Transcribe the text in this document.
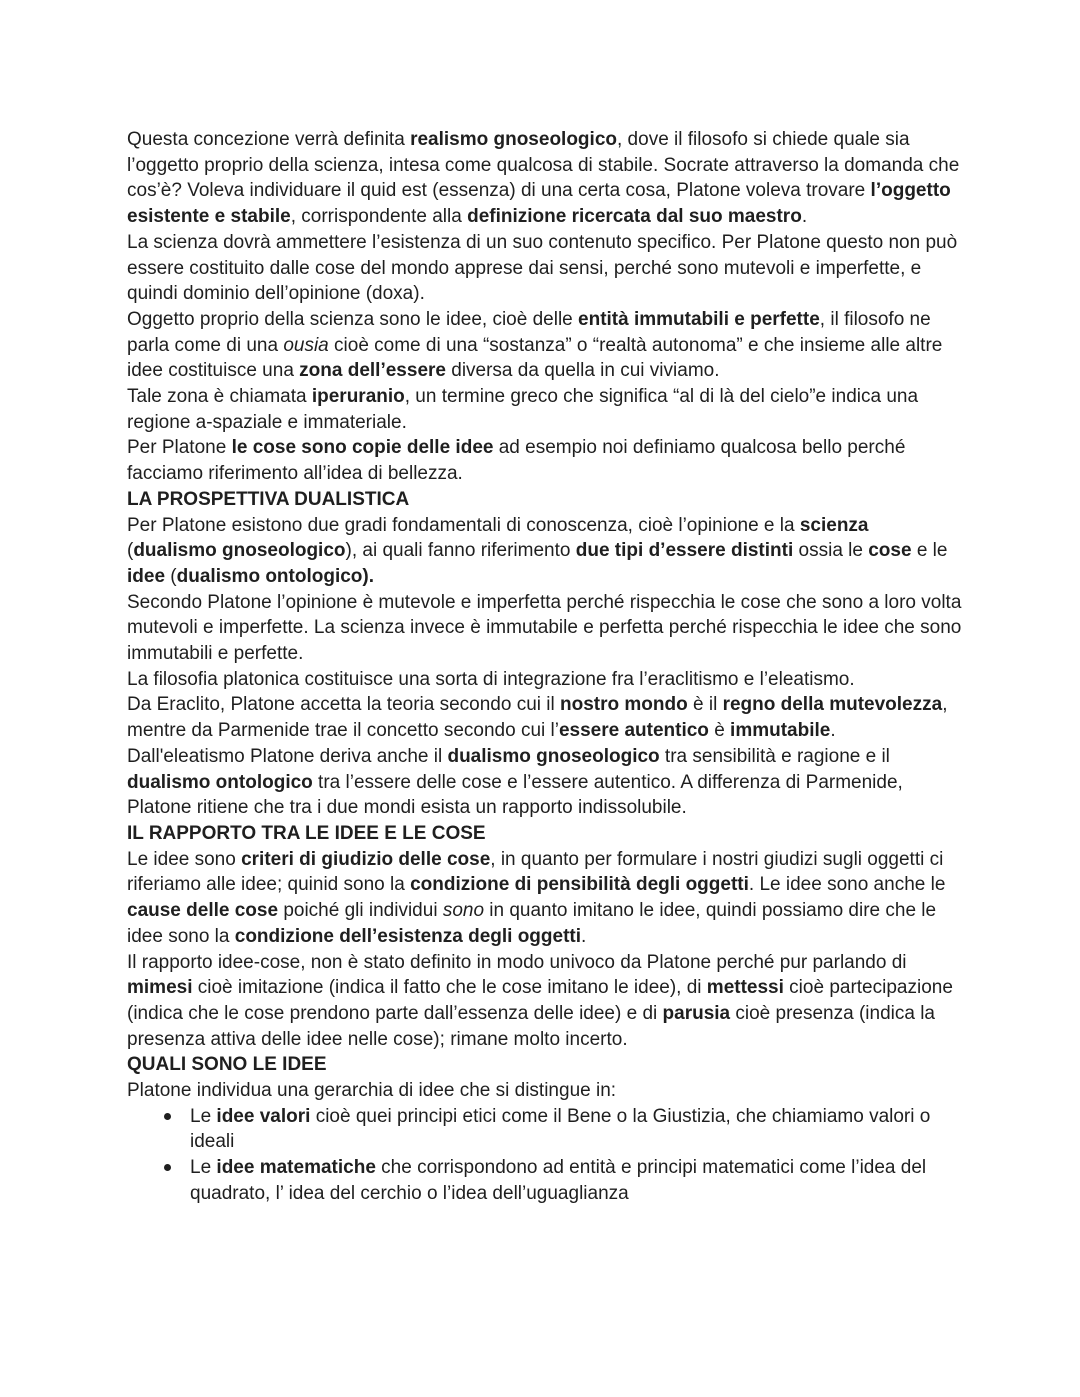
Questa concezione verrà definita realismo gnoseologico, dove il filosofo si chiede quale sia l’oggetto proprio della scienza, intesa come qualcosa di stabile. Socrate attraverso la domanda che cos’è? Voleva individuare il quid est (essenza) di una certa cosa, Platone voleva trovare l’oggetto esistente e stabile, corrispondente alla definizione ricercata dal suo maestro.

La scienza dovrà ammettere l’esistenza di un suo contenuto specifico. Per Platone questo non può essere costituito dalle cose del mondo apprese dai sensi, perché sono mutevoli e imperfette, e quindi dominio dell’opinione (doxa).

Oggetto proprio della scienza sono le idee, cioè delle entità immutabili e perfette, il filosofo ne parla come di una ousia cioè come di una “sostanza” o “realtà autonoma” e che insieme alle altre idee costituisce una zona dell’essere diversa da quella in cui viviamo.

Tale zona è chiamata iperuranio, un termine greco che significa “al di là del cielo”e indica una regione a-spaziale e immateriale.

Per Platone le cose sono copie delle idee ad esempio noi definiamo qualcosa bello perché facciamo riferimento all’idea di bellezza.

LA PROSPETTIVA DUALISTICA

Per Platone esistono due gradi fondamentali di conoscenza, cioè l’opinione e la scienza (dualismo gnoseologico), ai quali fanno riferimento due tipi d’essere distinti ossia le cose e le idee (dualismo ontologico).

Secondo Platone l’opinione è mutevole e imperfetta perché rispecchia le cose che sono a loro volta mutevoli e imperfette. La scienza invece è immutabile e perfetta perché rispecchia le idee che sono immutabili e perfette.

La filosofia platonica costituisce una sorta di integrazione fra l’eraclitismo e l’eleatismo.

Da Eraclito, Platone accetta la teoria secondo cui il nostro mondo è il regno della mutevolezza, mentre da Parmenide trae il concetto secondo cui l’essere autentico è immutabile.

Dall'eleatismo Platone deriva anche il dualismo gnoseologico tra sensibilità e ragione e il dualismo ontologico tra l’essere delle cose e l’essere autentico. A differenza di Parmenide, Platone ritiene che tra i due mondi esista un rapporto indissolubile.

IL RAPPORTO TRA LE IDEE E LE COSE

Le idee sono criteri di giudizio delle cose, in quanto per formulare i nostri giudizi sugli oggetti ci riferiamo alle idee; quinid sono la condizione di pensibilità degli oggetti. Le idee sono anche le cause delle cose poiché gli individui sono in quanto imitano le idee, quindi possiamo dire che le idee sono la condizione dell’esistenza degli oggetti.

Il rapporto idee-cose, non è stato definito in modo univoco da Platone perché pur parlando di mimesi cioè imitazione (indica il fatto che le cose imitano le idee), di mettessi cioè partecipazione (indica che le cose prendono parte dall’essenza delle idee) e di parusia cioè presenza (indica la presenza attiva delle idee nelle cose); rimane molto incerto.

QUALI SONO LE IDEE

Platone individua una gerarchia di idee che si distingue in:

Le idee valori cioè quei principi etici come il Bene o la Giustizia, che chiamiamo valori o ideali
Le idee matematiche che corrispondono ad entità e principi matematici come l’idea del quadrato, l’ idea del cerchio o l’idea dell’uguaglianza
